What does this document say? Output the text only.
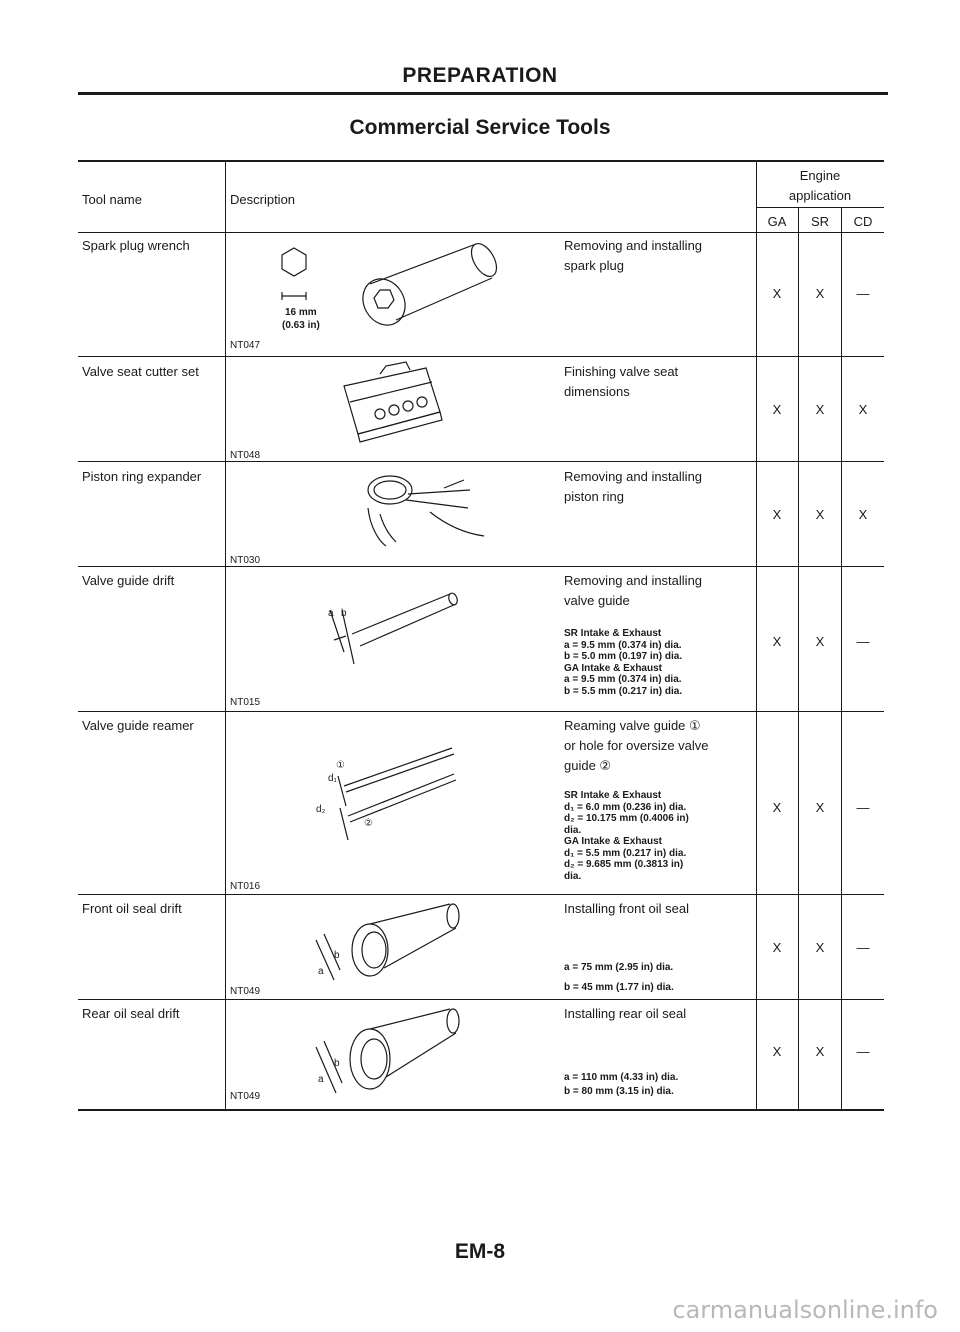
PREPARATION
Commercial Service Tools
Tool name	Description
Engine
application
GA	SR	CD
Spark plug wrench
16 mm
(0.63 in)
NT047
Removing and installing
spark plug
X	X	—
Valve seat cutter set
NT048
Finishing valve seat
dimensions
X	X	X
Piston ring expander
NT030
Removing and installing
piston ring
X	X	X
Valve guide drift
a b
NT015
Removing and installing
valve guide
SR Intake & Exhaust
a = 9.5 mm (0.374 in) dia.
b = 5.0 mm (0.197 in) dia.
GA Intake & Exhaust
a = 9.5 mm (0.374 in) dia.
b = 5.5 mm (0.217 in) dia.
X	X	—
Valve guide reamer
①
②
d₁
d₂
NT016
Reaming valve guide ①
or hole for oversize valve
guide ②
SR Intake & Exhaust
d₁ = 6.0 mm (0.236 in) dia.
d₂ = 10.175 mm (0.4006 in)
dia.
GA Intake & Exhaust
d₁ = 5.5 mm (0.217 in) dia.
d₂ = 9.685 mm (0.3813 in)
dia.
X	X	—
Front oil seal drift
a
b
NT049
Installing front oil seal
a = 75 mm (2.95 in) dia.
b = 45 mm (1.77 in) dia.
X	X	—
Rear oil seal drift
a
b
NT049
Installing rear oil seal
a = 110 mm (4.33 in) dia.
b = 80 mm (3.15 in) dia.
X	X	—
EM-8
carmanualsonline.info
